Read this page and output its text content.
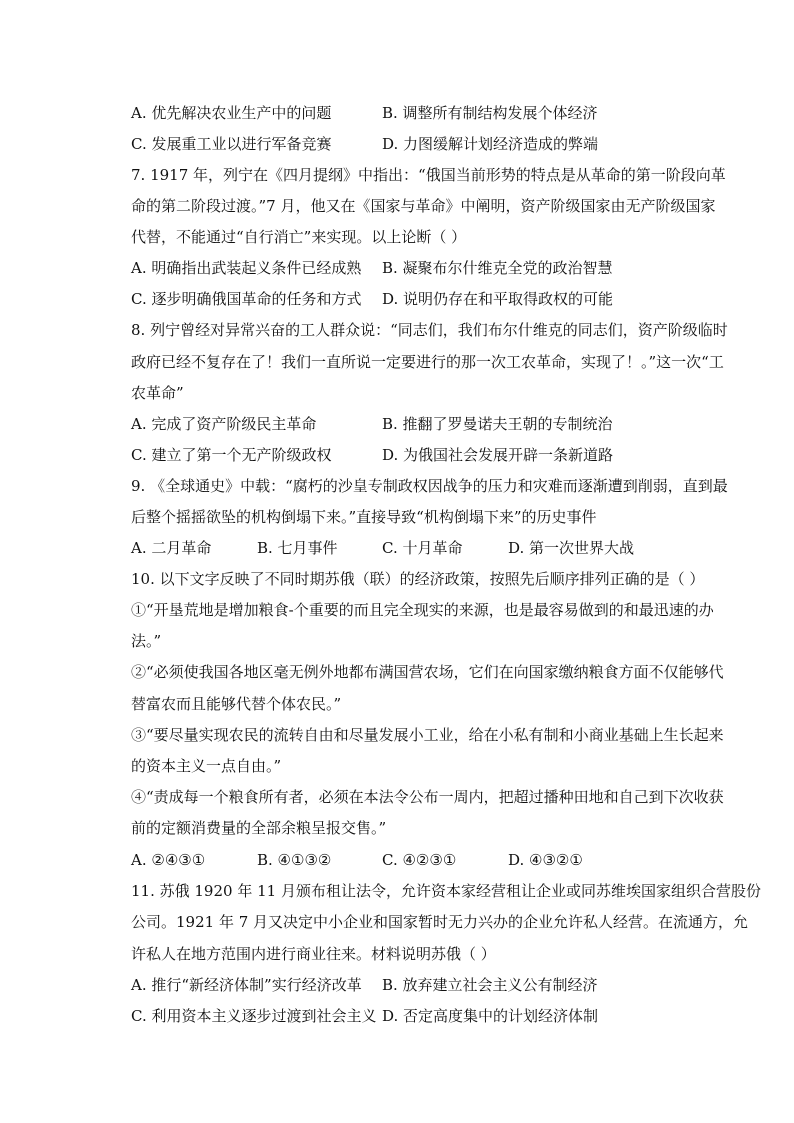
A. 优先解决农业生产中的问题	B. 调整所有制结构发展个体经济
C. 发展重工业以进行军备竞赛	D. 力图缓解计划经济造成的弊端
7. 1917 年，列宁在《四月提纲》中指出：“俄国当前形势的特点是从革命的第一阶段向革
命的第二阶段过渡。”7 月，他又在《国家与革命》中阐明，资产阶级国家由无产阶级国家
代替，不能通过“自行消亡”来实现。以上论断（ ）
A. 明确指出武装起义条件已经成熟 B. 凝聚布尔什维克全党的政治智慧
C. 逐步明确俄国革命的任务和方式 D. 说明仍存在和平取得政权的可能
8. 列宁曾经对异常兴奋的工人群众说：“同志们，我们布尔什维克的同志们，资产阶级临时
政府已经不复存在了！我们一直所说一定要进行的那一次工农革命，实现了！。”这一次“工
农革命”
A. 完成了资产阶级民主革命	B. 推翻了罗曼诺夫王朝的专制统治
C. 建立了第一个无产阶级政权	D. 为俄国社会发展开辟一条新道路
9. 《全球通史》中载：“腐朽的沙皇专制政权因战争的压力和灾难而逐渐遭到削弱，直到最
后整个摇摇欲坠的机构倒塌下来。”直接导致“机构倒塌下来”的历史事件
A. 二月革命	B. 七月事件	C. 十月革命	D. 第一次世界大战
10. 以下文字反映了不同时期苏俄（联）的经济政策，按照先后顺序排列正确的是（ ）
①“开垦荒地是增加粮食-个重要的而且完全现实的来源，也是最容易做到的和最迅速的办
法。”
②“必须使我国各地区毫无例外地都布满国营农场，它们在向国家缴纳粮食方面不仅能够代
替富农而且能够代替个体农民。”
③“要尽量实现农民的流转自由和尽量发展小工业，给在小私有制和小商业基础上生长起来
的资本主义一点自由。”
④“责成每一个粮食所有者，必须在本法令公布一周内，把超过播种田地和自己到下次收获
前的定额消费量的全部余粮呈报交售。”
A. ②④③①	B. ④①③②	C. ④②③①	D. ④③②①
11. 苏俄 1920 年 11 月颁布租让法令，允许资本家经营租让企业或同苏维埃国家组织合营股份
公司。1921 年 7 月又决定中小企业和国家暂时无力兴办的企业允许私人经营。在流通方，允
许私人在地方范围内进行商业往来。材料说明苏俄（ ）
A. 推行“新经济体制”实行经济改革 B. 放弃建立社会主义公有制经济
C. 利用资本主义逐步过渡到社会主义 D. 否定高度集中的计划经济体制
